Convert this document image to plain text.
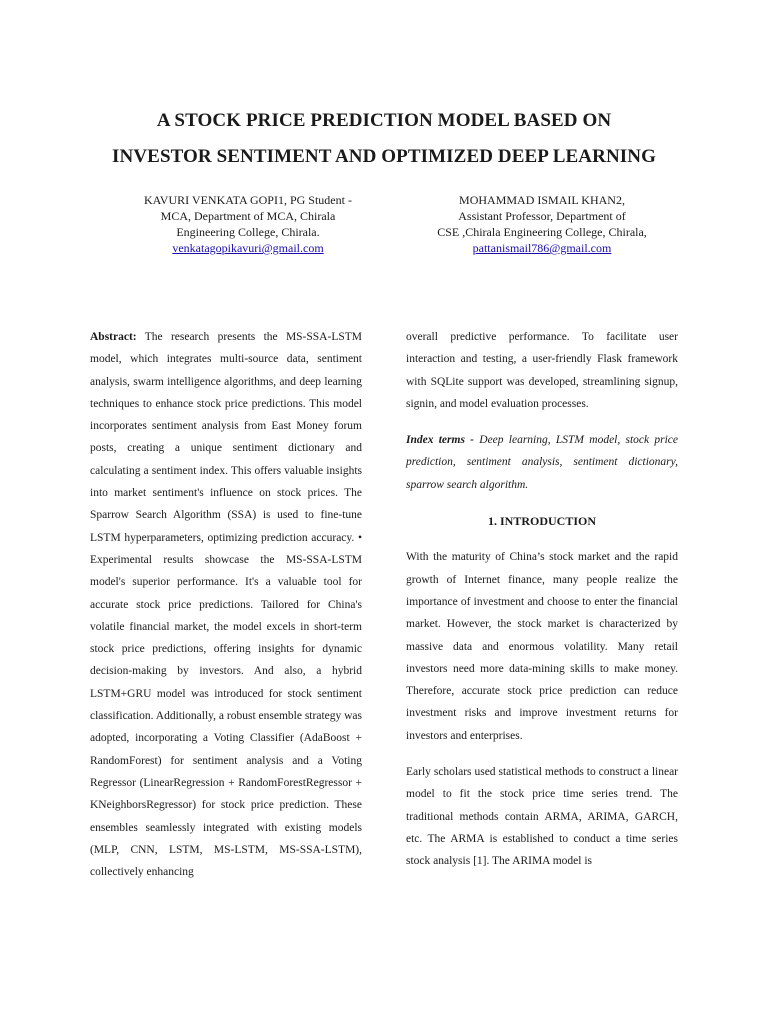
A STOCK PRICE PREDICTION MODEL BASED ON
INVESTOR SENTIMENT AND OPTIMIZED DEEP LEARNING
KAVURI VENKATA GOPI1, PG Student -
MCA, Department of MCA, Chirala
Engineering College, Chirala.
venkatagopikavuri@gmail.com
MOHAMMAD ISMAIL KHAN2,
Assistant Professor, Department of
CSE ,Chirala Engineering College, Chirala,
pattanismail786@gmail.com

Abstract: The research presents the MS-SSA-LSTM model, which integrates multi-source data, sentiment analysis, swarm intelligence algorithms, and deep learning techniques to enhance stock price predictions. This model incorporates sentiment analysis from East Money forum posts, creating a unique sentiment dictionary and calculating a sentiment index. This offers valuable insights into market sentiment's influence on stock prices. The Sparrow Search Algorithm (SSA) is used to fine-tune LSTM hyperparameters, optimizing prediction accuracy. • Experimental results showcase the MS-SSA-LSTM model's superior performance. It's a valuable tool for accurate stock price predictions. Tailored for China's volatile financial market, the model excels in short-term stock price predictions, offering insights for dynamic decision-making by investors. And also, a hybrid LSTM+GRU model was introduced for stock sentiment classification. Additionally, a robust ensemble strategy was adopted, incorporating a Voting Classifier (AdaBoost + RandomForest) for sentiment analysis and a Voting Regressor (LinearRegression + RandomForestRegressor + KNeighborsRegressor) for stock price prediction. These ensembles seamlessly integrated with existing models (MLP, CNN, LSTM, MS-LSTM, MS-SSA-LSTM), collectively enhancing

overall predictive performance. To facilitate user interaction and testing, a user-friendly Flask framework with SQLite support was developed, streamlining signup, signin, and model evaluation processes.

Index terms - Deep learning, LSTM model, stock price prediction, sentiment analysis, sentiment dictionary, sparrow search algorithm.

1. INTRODUCTION

With the maturity of China’s stock market and the rapid growth of Internet finance, many people realize the importance of investment and choose to enter the financial market. However, the stock market is characterized by massive data and enormous volatility. Many retail investors need more data-mining skills to make money. Therefore, accurate stock price prediction can reduce investment risks and improve investment returns for investors and enterprises.

Early scholars used statistical methods to construct a linear model to fit the stock price time series trend. The traditional methods contain ARMA, ARIMA, GARCH, etc. The ARMA is established to conduct a time series stock analysis [1]. The ARIMA model is
